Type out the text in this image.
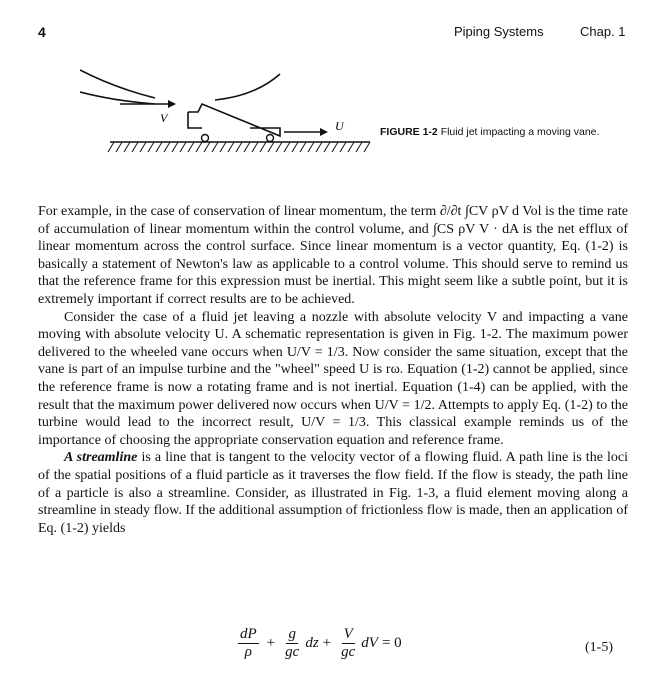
4	Piping Systems	Chap. 1
V
U	FIGURE 1-2 Fluid jet impacting a moving vane.

For example, in the case of conservation of linear momentum, the term ∂/∂t ∫CV ρV d Vol is the time rate of accumulation of linear momentum within the control volume, and ∫CS ρV V · dA is the net efflux of linear momentum across the control surface. Since linear momentum is a vector quantity, Eq. (1-2) is basically a statement of Newton's law as applicable to a control volume. This should serve to remind us that the reference frame for this expression must be inertial. This might seem like a subtle point, but it is extremely important if correct results are to be achieved.

Consider the case of a fluid jet leaving a nozzle with absolute velocity V and impacting a vane moving with absolute velocity U. A schematic representation is given in Fig. 1-2. The maximum power delivered to the wheeled vane occurs when U/V = 1/3. Now consider the same situation, except that the vane is part of an impulse turbine and the "wheel" speed U is rω. Equation (1-2) cannot be applied, since the reference frame is now a rotating frame and is not inertial. Equation (1-4) can be applied, with the result that the maximum power delivered now occurs when U/V = 1/2. Attempts to apply Eq. (1-2) to the turbine would lead to the incorrect result, U/V = 1/3. This classical example reminds us of the importance of choosing the appropriate conservation equation and reference frame.

A streamline is a line that is tangent to the velocity vector of a flowing fluid. A path line is the loci of the spatial positions of a fluid particle as it traverses the flow field. If the flow is steady, the path line of a particle is also a streamline. Consider, as illustrated in Fig. 1-3, a fluid element moving along a streamline in steady flow. If the additional assumption of frictionless flow is made, then an application of Eq. (1-2) yields

$\frac{dP}{\rho} + \frac{g}{gc}$ dz + $\frac{V}{gc}$ dV = 0	(1-5)
